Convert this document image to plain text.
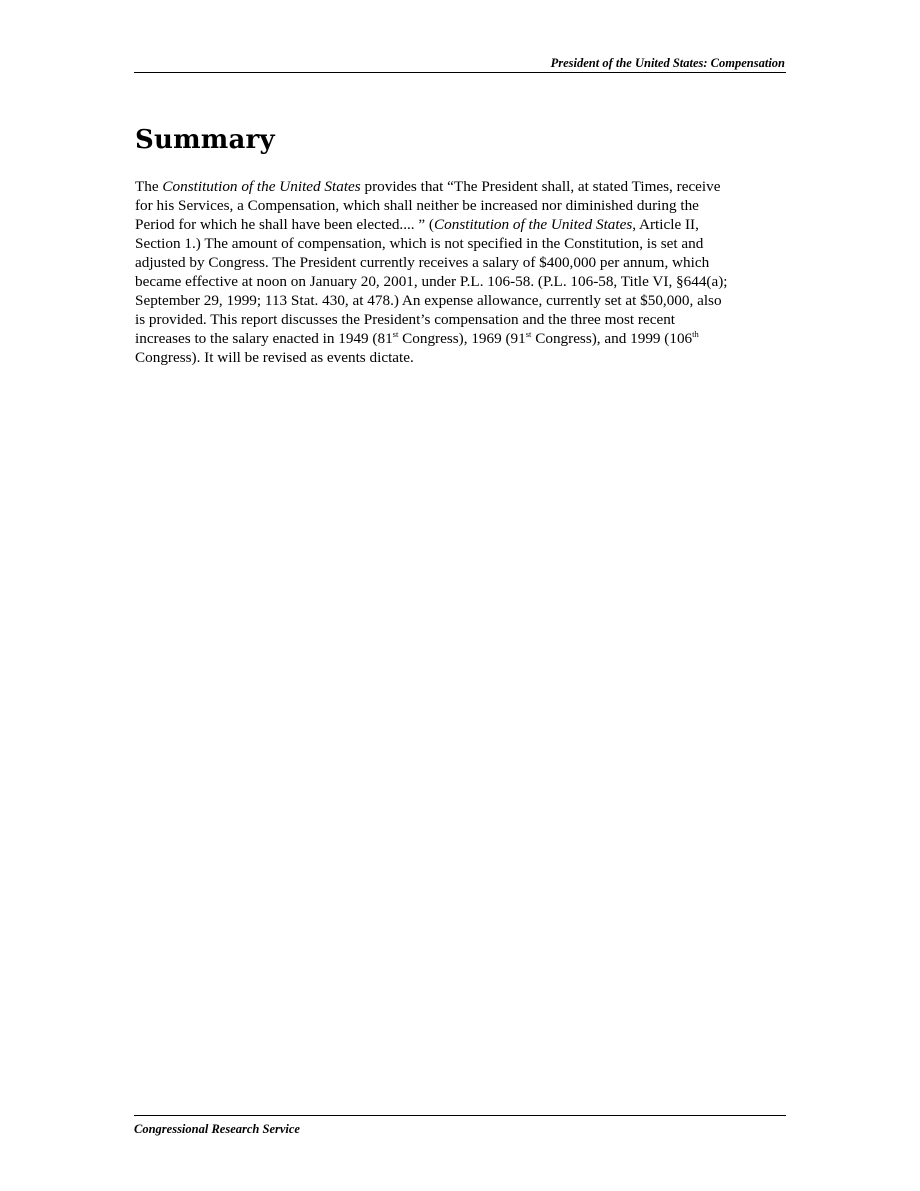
President of the United States: Compensation
Summary

The Constitution of the United States provides that “The President shall, at stated Times, receive
for his Services, a Compensation, which shall neither be increased nor diminished during the
Period for which he shall have been elected.... ” (Constitution of the United States, Article II,
Section 1.) The amount of compensation, which is not specified in the Constitution, is set and
adjusted by Congress. The President currently receives a salary of $400,000 per annum, which
became effective at noon on January 20, 2001, under P.L. 106-58. (P.L. 106-58, Title VI, §644(a);
September 29, 1999; 113 Stat. 430, at 478.) An expense allowance, currently set at $50,000, also
is provided. This report discusses the President’s compensation and the three most recent
increases to the salary enacted in 1949 (81st Congress), 1969 (91st Congress), and 1999 (106th
Congress). It will be revised as events dictate.

Congressional Research Service
